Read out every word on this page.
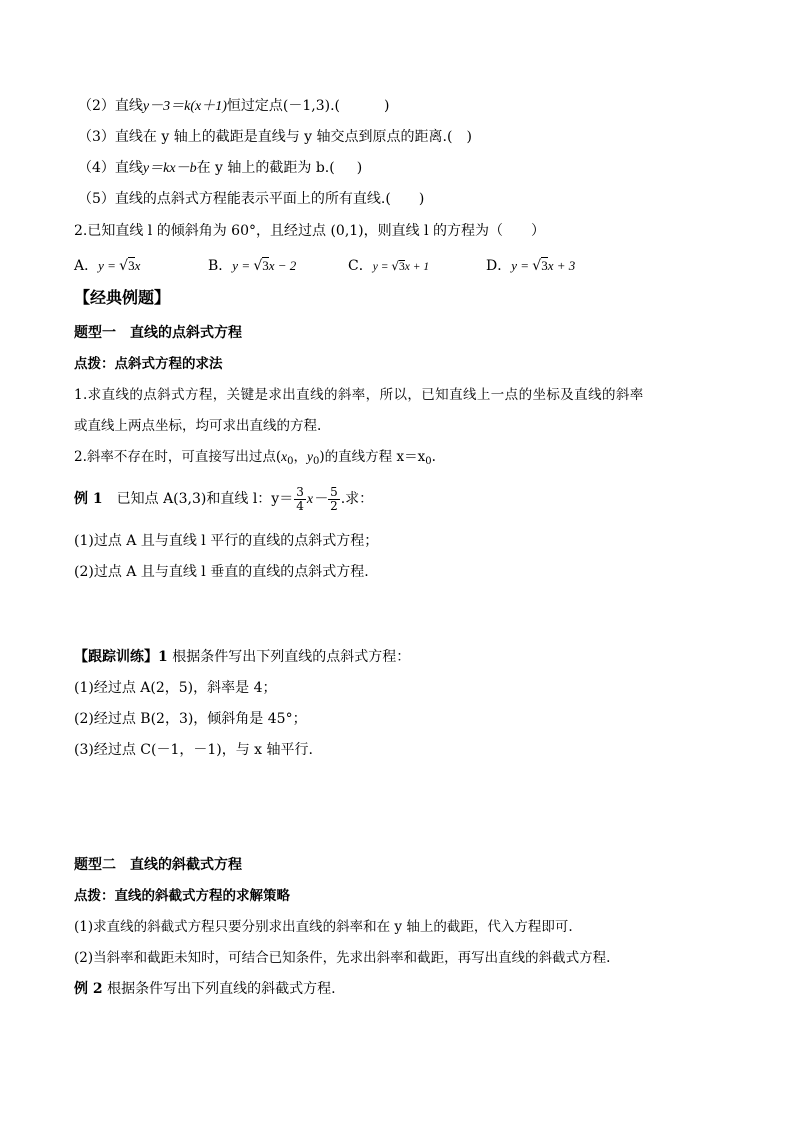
（2）直线y－3＝k(x＋1)恒过定点(－1,3).(	)
（3）直线在 y 轴上的截距是直线与 y 轴交点到原点的距离.(　)
（4）直线y＝kx－b在 y 轴上的截距为 b.( )
（5）直线的点斜式方程能表示平面上的所有直线.(　　)
2.已知直线 l 的倾斜角为 60°，且经过点 (0,1)，则直线 l 的方程为（　　）
A．y = √3x	B．y = √3x − 2	C．y = √3x + 1	D．y = √3x + 3
【经典例题】
题型一　直线的点斜式方程
点拨：点斜式方程的求法
1.求直线的点斜式方程，关键是求出直线的斜率，所以，已知直线上一点的坐标及直线的斜率
或直线上两点坐标，均可求出直线的方程.
2.斜率不存在时，可直接写出过点($x_0$，$y_0$)的直线方程 $x=x_0$.
例 1　已知点 A(3,3)和直线 l：$y= \frac{3}{4} x- \frac{5}{2}$ .求：
(1)过点 A 且与直线 l 平行的直线的点斜式方程；
(2)过点 A 且与直线 l 垂直的直线的点斜式方程.
【跟踪训练】1 根据条件写出下列直线的点斜式方程：
(1)经过点 A(2，5)，斜率是 4；
(2)经过点 B(2，3)，倾斜角是 45°；
(3)经过点 C(－1，－1)，与 x 轴平行.
题型二　直线的斜截式方程
点拨：直线的斜截式方程的求解策略
(1)求直线的斜截式方程只要分别求出直线的斜率和在 y 轴上的截距，代入方程即可.
(2)当斜率和截距未知时，可结合已知条件，先求出斜率和截距，再写出直线的斜截式方程.
例 2 根据条件写出下列直线的斜截式方程.
